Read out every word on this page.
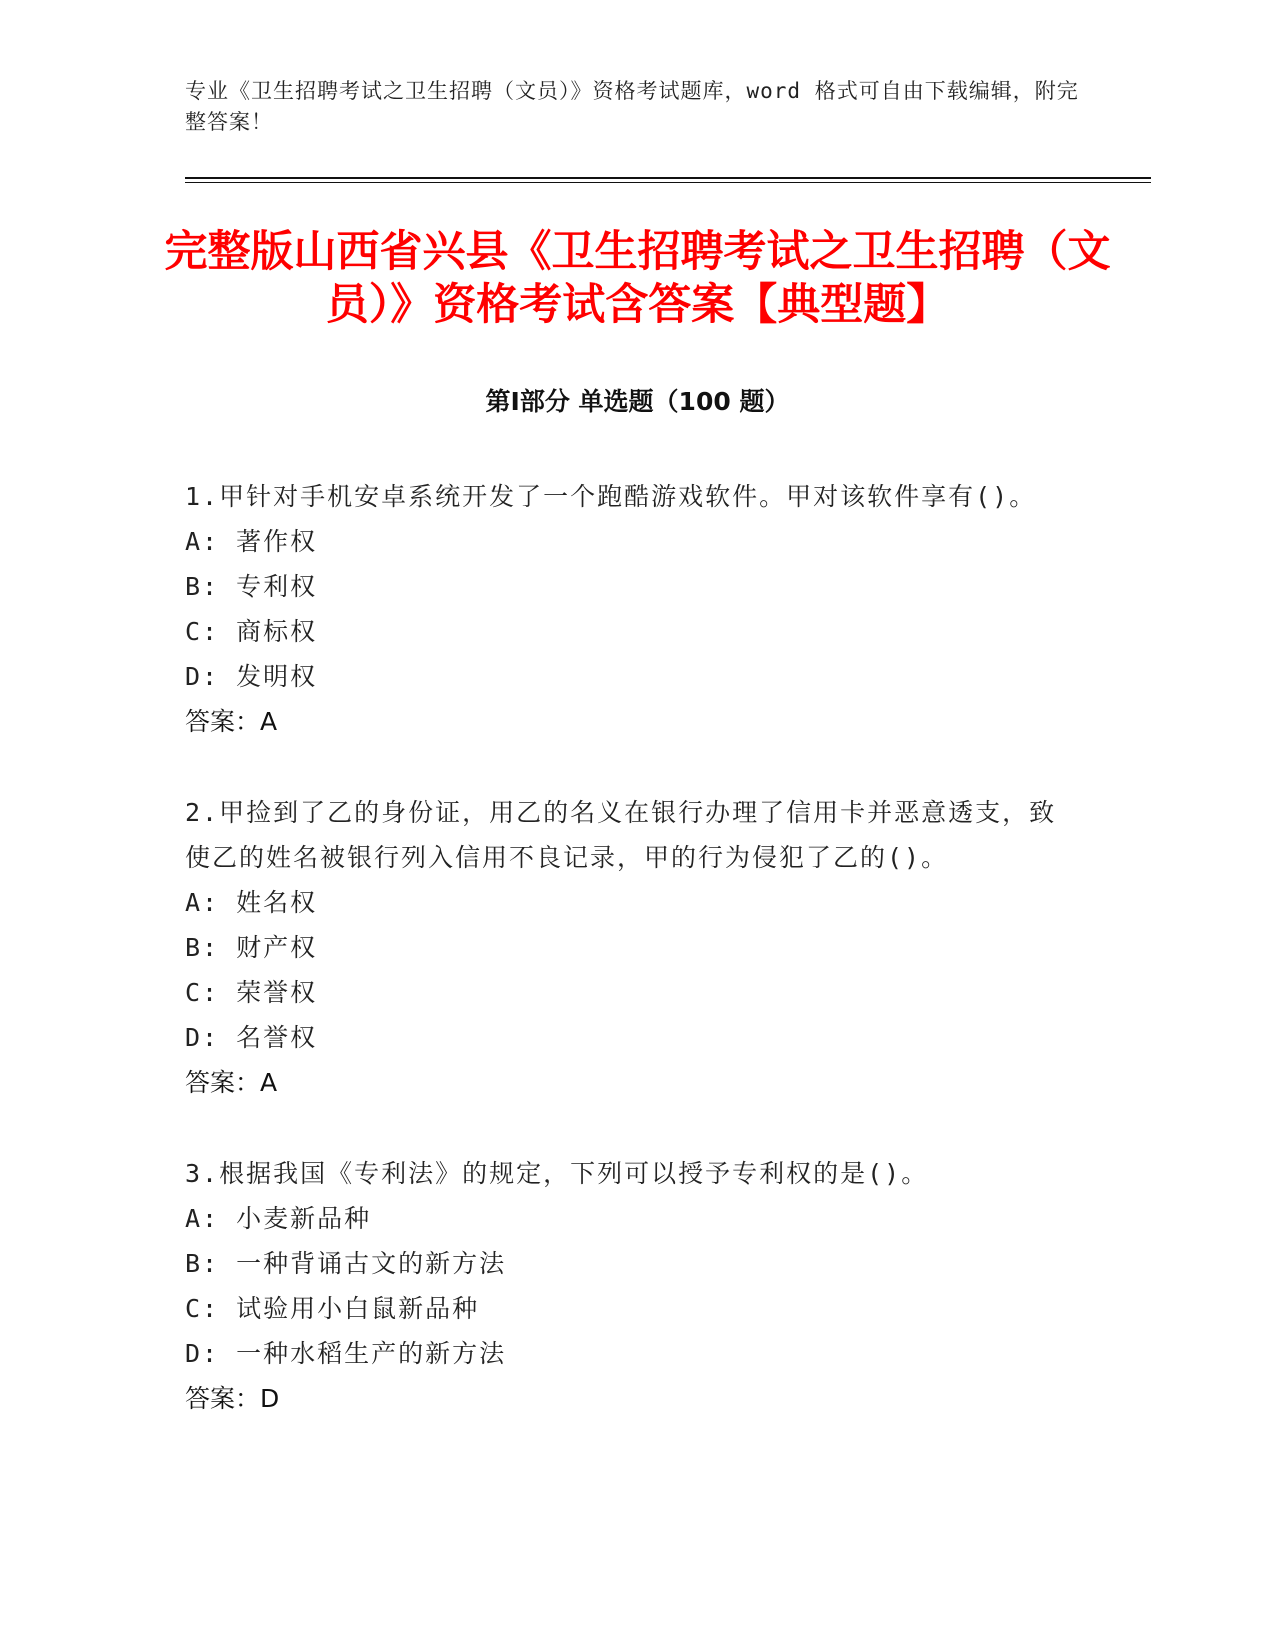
专业《卫生招聘考试之卫生招聘（文员）》资格考试题库，word 格式可自由下载编辑，附完整答案！
完整版山西省兴县《卫生招聘考试之卫生招聘（文员）》资格考试含答案【典型题】
第Ⅰ部分 单选题（100 题）
1.甲针对手机安卓系统开发了一个跑酷游戏软件。甲对该软件享有()。
A: 著作权
B: 专利权
C: 商标权
D: 发明权
答案：A
2.甲捡到了乙的身份证，用乙的名义在银行办理了信用卡并恶意透支，致使乙的姓名被银行列入信用不良记录，甲的行为侵犯了乙的()。
A: 姓名权
B: 财产权
C: 荣誉权
D: 名誉权
答案：A
3.根据我国《专利法》的规定，下列可以授予专利权的是()。
A: 小麦新品种
B: 一种背诵古文的新方法
C: 试验用小白鼠新品种
D: 一种水稻生产的新方法
答案：D
